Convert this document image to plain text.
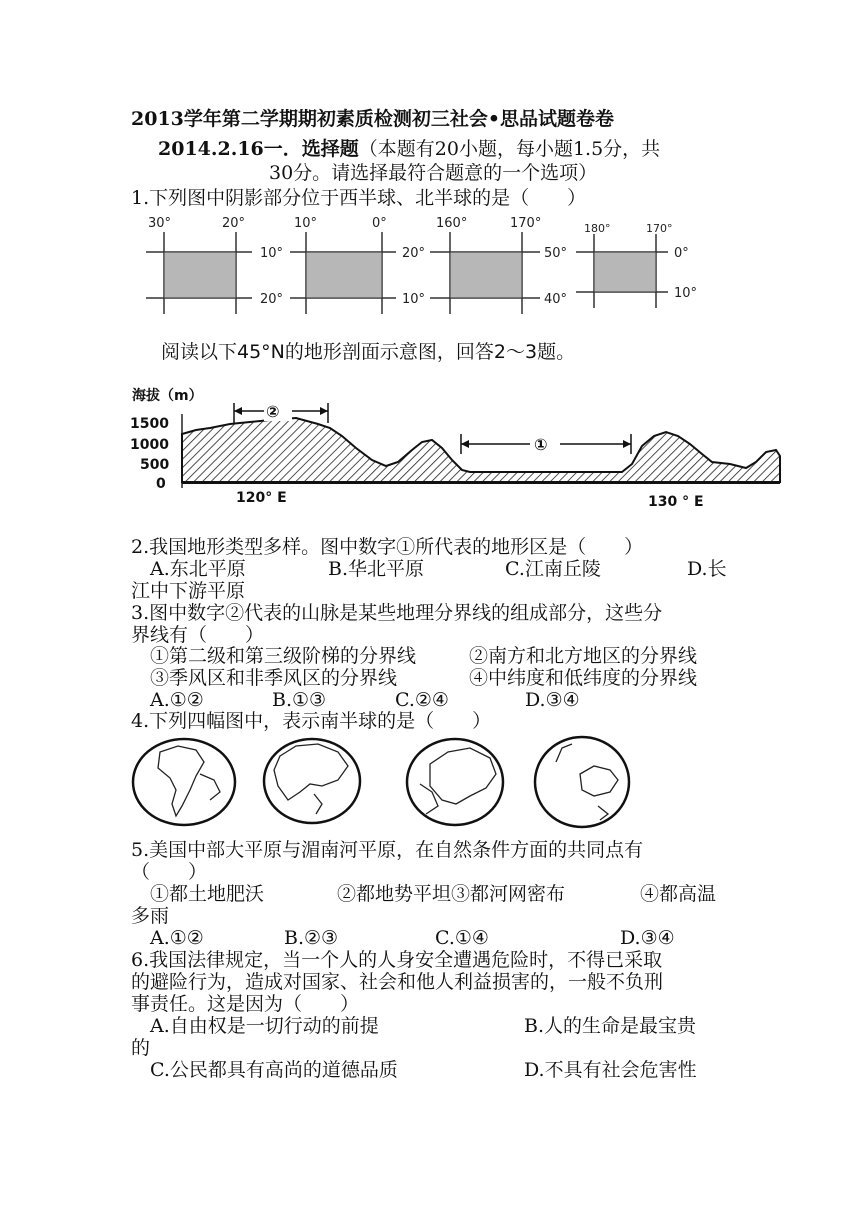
2013学年第二学期期初素质检测初三社会•思品试题卷卷
2014.2.16一．选择题（本题有20小题，每小题1.5分，共
30分。请选择最符合题意的一个选项）
1.下列图中阴影部分位于西半球、北半球的是（　　）
30°	20°
10°
20°
10°	0°
20°
10°
160°	170°
50°
40°
180°	170°
0°
10°
阅读以下45°N的地形剖面示意图，回答2～3题。
海拔（m）
1500
1000
500
0
②
①
120° E	130 ° E
2.我国地形类型多样。图中数字①所代表的地形区是（　　）
A.东北平原	B.华北平原	C.江南丘陵	D.长
江中下游平原
3.图中数字②代表的山脉是某些地理分界线的组成部分，这些分
界线有（　　）
①第二级和第三级阶梯的分界线	②南方和北方地区的分界线
③季风区和非季风区的分界线	④中纬度和低纬度的分界线
A.①②	B.①③	C.②④	D.③④
4.下列四幅图中，表示南半球的是（　　）
5.美国中部大平原与湄南河平原，在自然条件方面的共同点有
（　　）
①都土地肥沃	②都地势平坦③都河网密布	④都高温
多雨
A.①②	B.②③	C.①④	D.③④
6.我国法律规定，当一个人的人身安全遭遇危险时，不得已采取
的避险行为，造成对国家、社会和他人利益损害的，一般不负刑
事责任。这是因为（　　）
A.自由权是一切行动的前提	B.人的生命是最宝贵
的
C.公民都具有高尚的道德品质	D.不具有社会危害性
